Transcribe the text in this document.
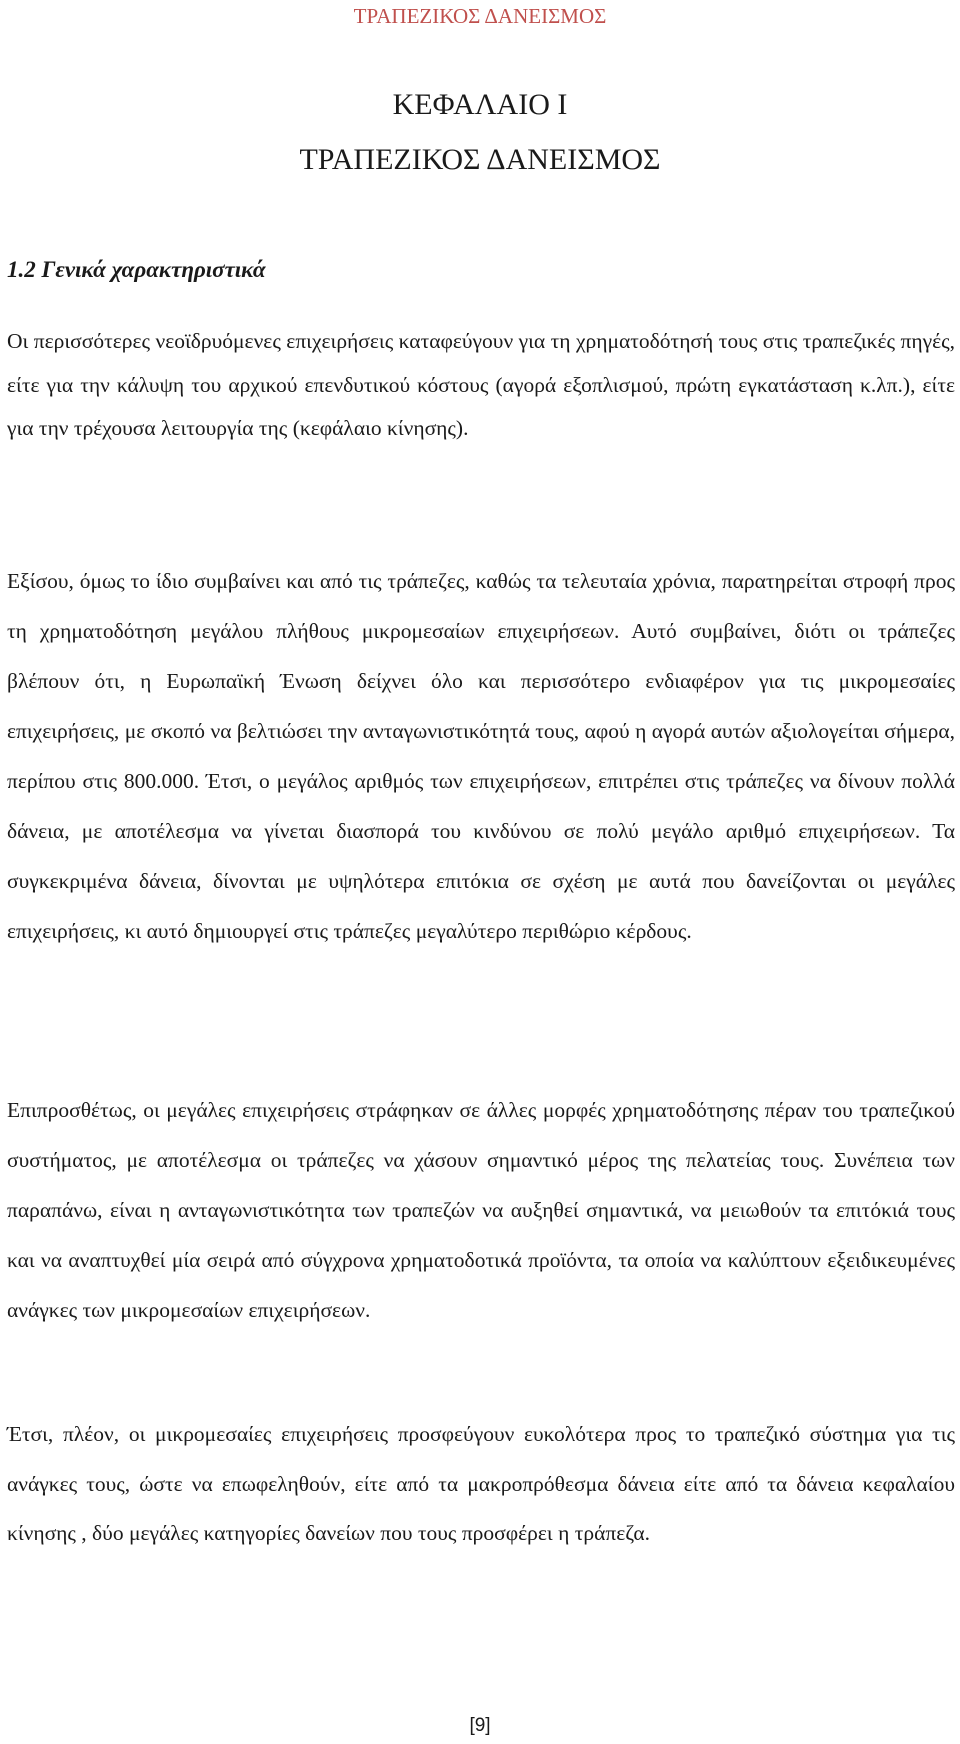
ΤΡΑΠΕΖΙΚΟΣ ΔΑΝΕΙΣΜΟΣ
ΚΕΦΑΛΑΙΟ Ι
ΤΡΑΠΕΖΙΚΟΣ ΔΑΝΕΙΣΜΟΣ
1.2 Γενικά χαρακτηριστικά

Οι περισσότερες νεοϊδρυόμενες επιχειρήσεις καταφεύγουν για τη χρηματοδότησή τους στις τραπεζικές πηγές, είτε για την κάλυψη του αρχικού επενδυτικού κόστους (αγορά εξοπλισμού, πρώτη εγκατάσταση κ.λπ.), είτε για την τρέχουσα λειτουργία της (κεφάλαιο κίνησης).

Εξίσου, όμως το ίδιο συμβαίνει και από τις τράπεζες, καθώς τα τελευταία χρόνια, παρατηρείται στροφή προς τη χρηματοδότηση μεγάλου πλήθους μικρομεσαίων επιχειρήσεων. Αυτό συμβαίνει, διότι οι τράπεζες βλέπουν ότι, η Ευρωπαϊκή Ένωση δείχνει όλο και περισσότερο ενδιαφέρον για τις μικρομεσαίες επιχειρήσεις, με σκοπό να βελτιώσει την ανταγωνιστικότητά τους, αφού η αγορά αυτών αξιολογείται σήμερα, περίπου στις 800.000. Έτσι, ο μεγάλος αριθμός των επιχειρήσεων, επιτρέπει στις τράπεζες να δίνουν πολλά δάνεια, με αποτέλεσμα να γίνεται διασπορά του κινδύνου σε πολύ μεγάλο αριθμό επιχειρήσεων. Τα συγκεκριμένα δάνεια, δίνονται με υψηλότερα επιτόκια σε σχέση με αυτά που δανείζονται οι μεγάλες επιχειρήσεις, κι αυτό δημιουργεί στις τράπεζες μεγαλύτερο περιθώριο κέρδους.

Επιπροσθέτως, οι μεγάλες επιχειρήσεις στράφηκαν σε άλλες μορφές χρηματοδότησης πέραν του τραπεζικού συστήματος, με αποτέλεσμα οι τράπεζες να χάσουν σημαντικό μέρος της πελατείας τους. Συνέπεια των παραπάνω, είναι η ανταγωνιστικότητα των τραπεζών να αυξηθεί σημαντικά, να μειωθούν τα επιτόκιά τους και να αναπτυχθεί μία σειρά από σύγχρονα χρηματοδοτικά προϊόντα, τα οποία να καλύπτουν εξειδικευμένες ανάγκες των μικρομεσαίων επιχειρήσεων.

Έτσι, πλέον, οι μικρομεσαίες επιχειρήσεις προσφεύγουν ευκολότερα προς το τραπεζικό σύστημα για τις ανάγκες τους, ώστε να επωφεληθούν, είτε από τα μακροπρόθεσμα δάνεια είτε από τα δάνεια κεφαλαίου κίνησης , δύο μεγάλες κατηγορίες δανείων που τους προσφέρει η τράπεζα.

[9]
